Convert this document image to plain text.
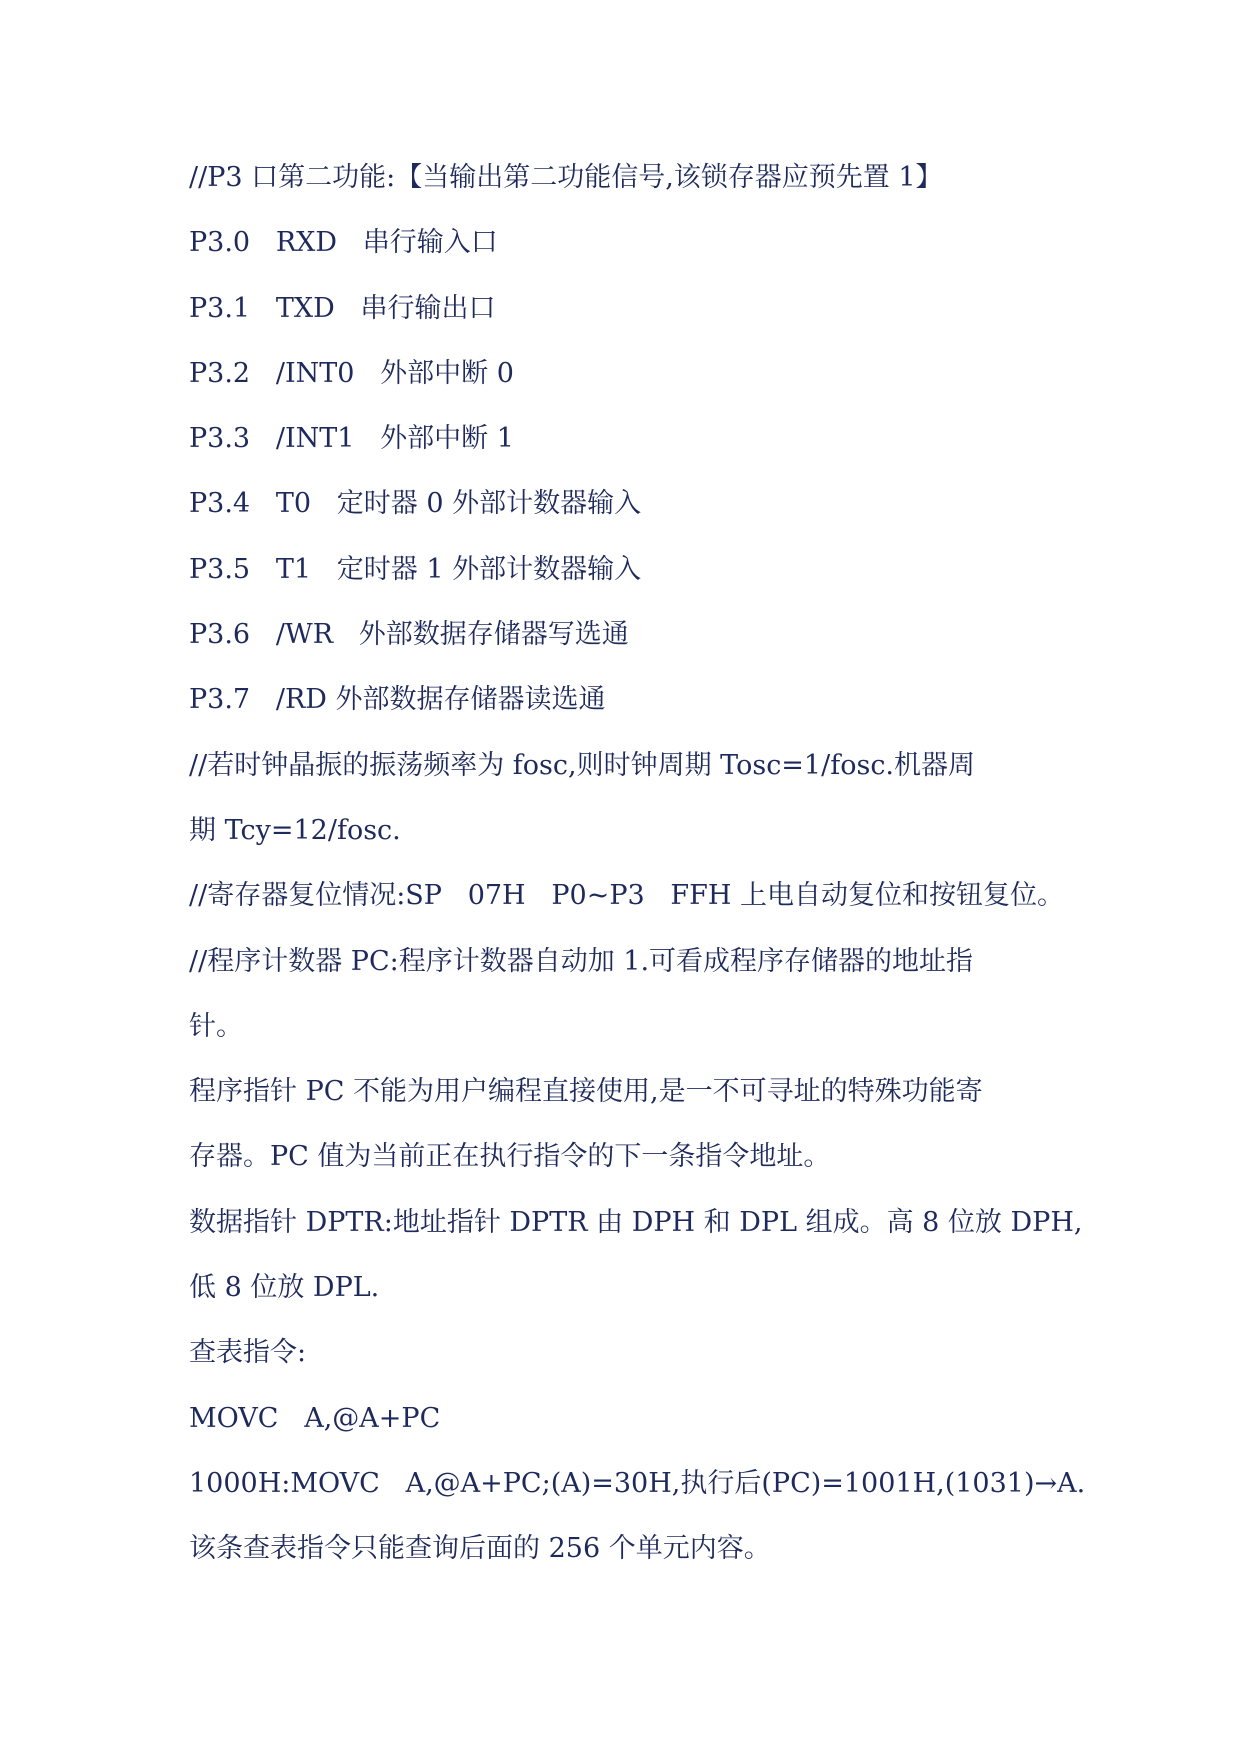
//P3 口第二功能:【当输出第二功能信号,该锁存器应预先置 1】
P3.0   RXD   串行输入口
P3.1   TXD   串行输出口
P3.2   /INT0   外部中断 0
P3.3   /INT1   外部中断 1
P3.4   T0   定时器 0 外部计数器输入
P3.5   T1   定时器 1 外部计数器输入
P3.6   /WR   外部数据存储器写选通
P3.7   /RD 外部数据存储器读选通
//若时钟晶振的振荡频率为 fosc,则时钟周期 Tosc=1/fosc.机器周
期 Tcy=12/fosc.
//寄存器复位情况:SP   07H   P0~P3   FFH 上电自动复位和按钮复位。
//程序计数器 PC:程序计数器自动加 1.可看成程序存储器的地址指
针。
程序指针 PC 不能为用户编程直接使用,是一不可寻址的特殊功能寄
存器。PC 值为当前正在执行指令的下一条指令地址。
数据指针 DPTR:地址指针 DPTR 由 DPH 和 DPL 组成。高 8 位放 DPH,
低 8 位放 DPL.
查表指令:
MOVC   A,@A+PC
1000H:MOVC   A,@A+PC;(A)=30H,执行后(PC)=1001H,(1031)→A.
该条查表指令只能查询后面的 256 个单元内容。
